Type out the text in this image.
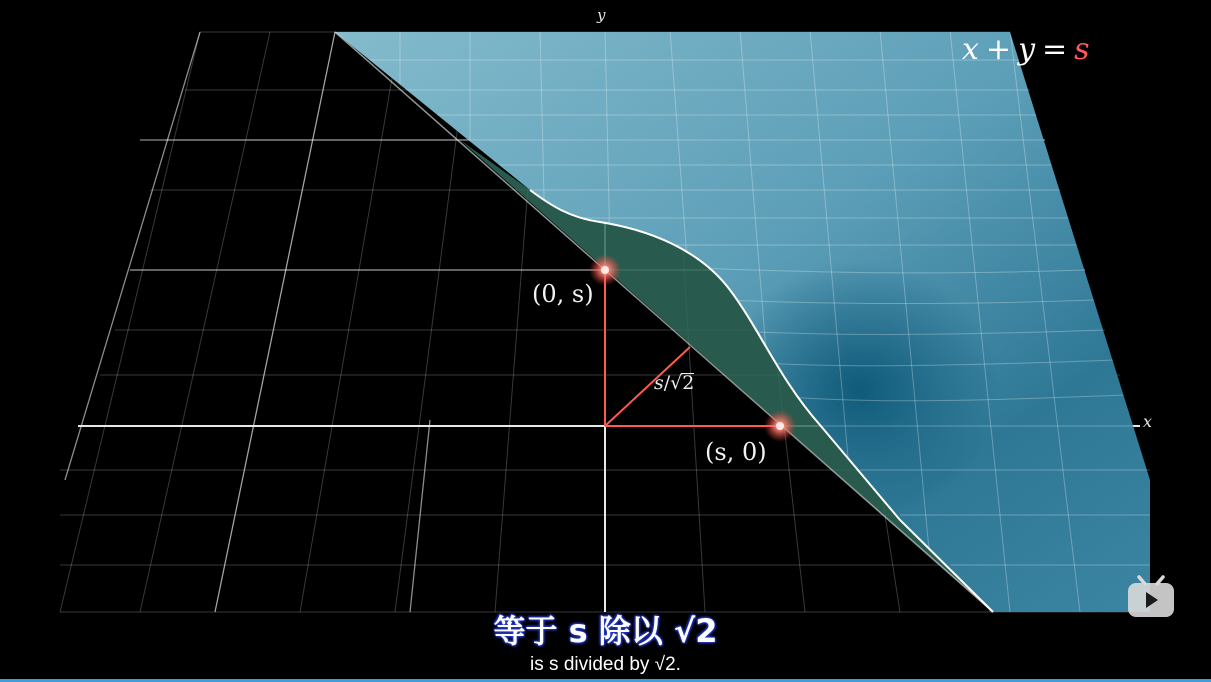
y
x
x + y = s
(0, s)
(s, 0)
s/√2
等于 s 除以 √2
is s divided by √2.
